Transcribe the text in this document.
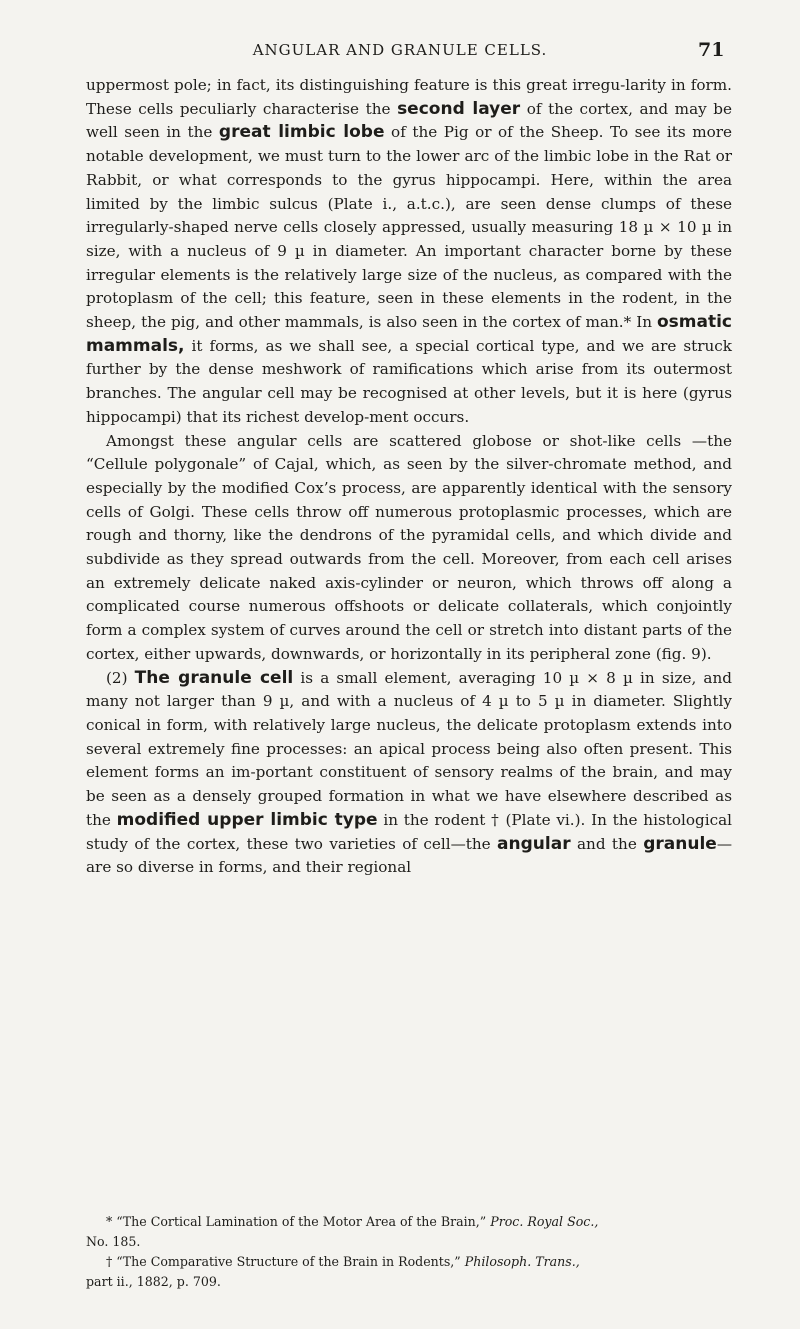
ANGULAR AND GRANULE CELLS.	71

uppermost pole; in fact, its distinguishing feature is this great irregu-larity in form. These cells peculiarly characterise the second layer of the cortex, and may be well seen in the great limbic lobe of the Pig or of the Sheep. To see its more notable development, we must turn to the lower arc of the limbic lobe in the Rat or Rabbit, or what corresponds to the gyrus hippocampi. Here, within the area limited by the limbic sulcus (Plate i., a.t.c.), are seen dense clumps of these irregularly-shaped nerve cells closely appressed, usually measuring 18 µ × 10 µ in size, with a nucleus of 9 µ in diameter. An important character borne by these irregular elements is the relatively large size of the nucleus, as compared with the protoplasm of the cell; this feature, seen in these elements in the rodent, in the sheep, the pig, and other mammals, is also seen in the cortex of man.* In osmatic mammals, it forms, as we shall see, a special cortical type, and we are struck further by the dense meshwork of ramifications which arise from its outermost branches. The angular cell may be recognised at other levels, but it is here (gyrus hippocampi) that its richest develop-ment occurs.

Amongst these angular cells are scattered globose or shot-like cells —the “Cellule polygonale” of Cajal, which, as seen by the silver-chromate method, and especially by the modified Cox’s process, are apparently identical with the sensory cells of Golgi. These cells throw off numerous protoplasmic processes, which are rough and thorny, like the dendrons of the pyramidal cells, and which divide and subdivide as they spread outwards from the cell. Moreover, from each cell arises an extremely delicate naked axis-cylinder or neuron, which throws off along a complicated course numerous offshoots or delicate collaterals, which conjointly form a complex system of curves around the cell or stretch into distant parts of the cortex, either upwards, downwards, or horizontally in its peripheral zone (fig. 9).

(2) The granule cell is a small element, averaging 10 µ × 8 µ in size, and many not larger than 9 µ, and with a nucleus of 4 µ to 5 µ in diameter. Slightly conical in form, with relatively large nucleus, the delicate protoplasm extends into several extremely fine processes: an apical process being also often present. This element forms an im-portant constituent of sensory realms of the brain, and may be seen as a densely grouped formation in what we have elsewhere described as the modified upper limbic type in the rodent † (Plate vi.). In the histological study of the cortex, these two varieties of cell—the angular and the granule—are so diverse in forms, and their regional

* “The Cortical Lamination of the Motor Area of the Brain,” Proc. Royal Soc.,
No. 185.

† “The Comparative Structure of the Brain in Rodents,” Philosoph. Trans.,
part ii., 1882, p. 709.
